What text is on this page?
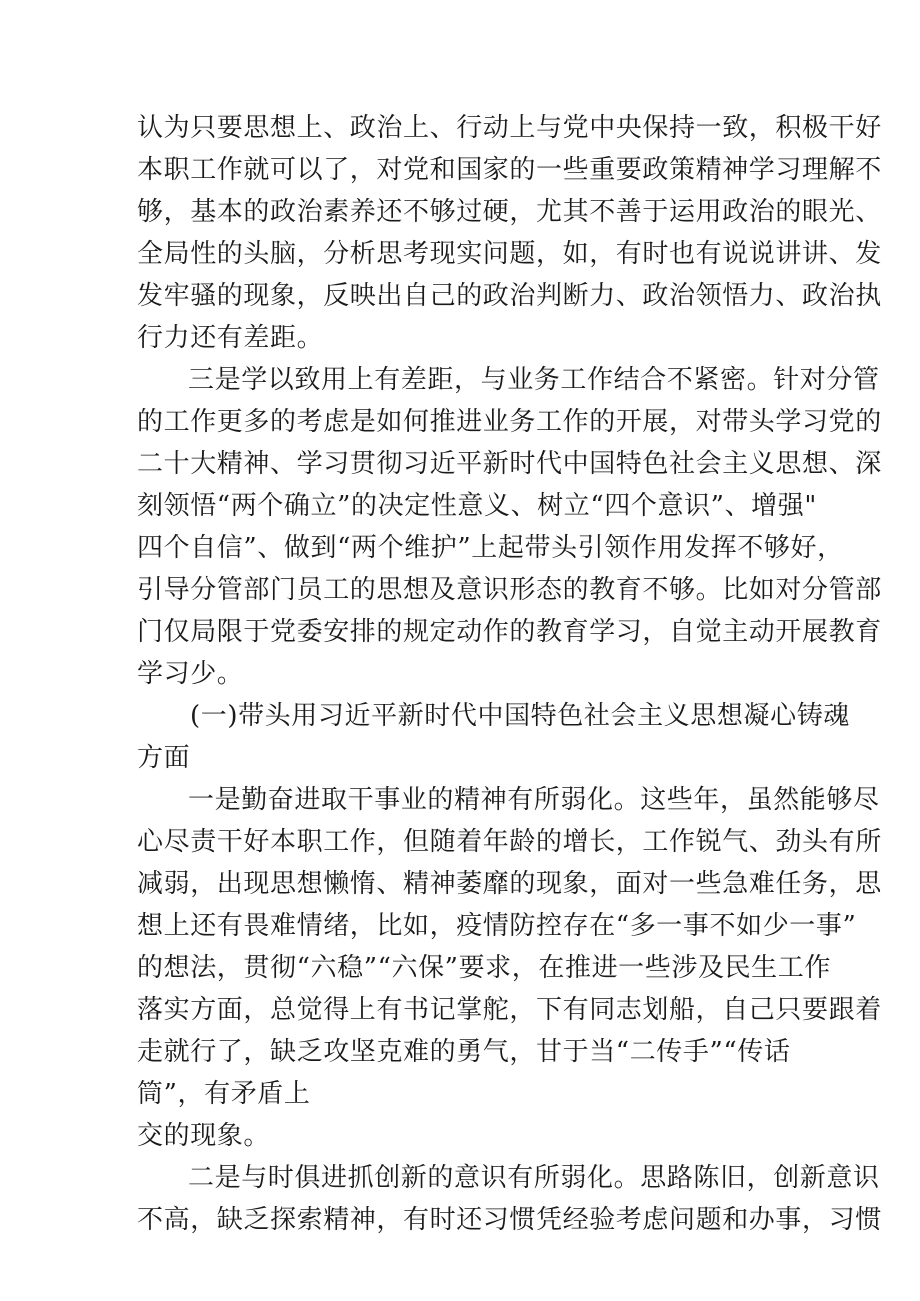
认为只要思想上、政治上、行动上与党中央保持一致，积极干好
本职工作就可以了，对党和国家的一些重要政策精神学习理解不
够，基本的政治素养还不够过硬，尤其不善于运用政治的眼光、
全局性的头脑，分析思考现实问题，如，有时也有说说讲讲、发
发牢骚的现象，反映出自己的政治判断力、政治领悟力、政治执
行力还有差距。
三是学以致用上有差距，与业务工作结合不紧密。针对分管
的工作更多的考虑是如何推进业务工作的开展，对带头学习党的
二十大精神、学习贯彻习近平新时代中国特色社会主义思想、深
刻领悟“两个确立”的决定性意义、树立“四个意识”、增强"
四个自信”、做到“两个维护”上起带头引领作用发挥不够好，
引导分管部门员工的思想及意识形态的教育不够。比如对分管部
门仅局限于党委安排的规定动作的教育学习，自觉主动开展教育
学习少。
(一)带头用习近平新时代中国特色社会主义思想凝心铸魂
方面
一是勤奋进取干事业的精神有所弱化。这些年，虽然能够尽
心尽责干好本职工作，但随着年龄的增长，工作锐气、劲头有所
减弱，出现思想懒惰、精神萎靡的现象，面对一些急难任务，思
想上还有畏难情绪，比如，疫情防控存在“多一事不如少一事”
的想法，贯彻“六稳”“六保”要求，在推进一些涉及民生工作
落实方面，总觉得上有书记掌舵，下有同志划船，自己只要跟着
走就行了，缺乏攻坚克难的勇气，甘于当“二传手”“传话
筒”，有矛盾上
交的现象。
二是与时俱进抓创新的意识有所弱化。思路陈旧，创新意识
不高，缺乏探索精神，有时还习惯凭经验考虑问题和办事，习惯
